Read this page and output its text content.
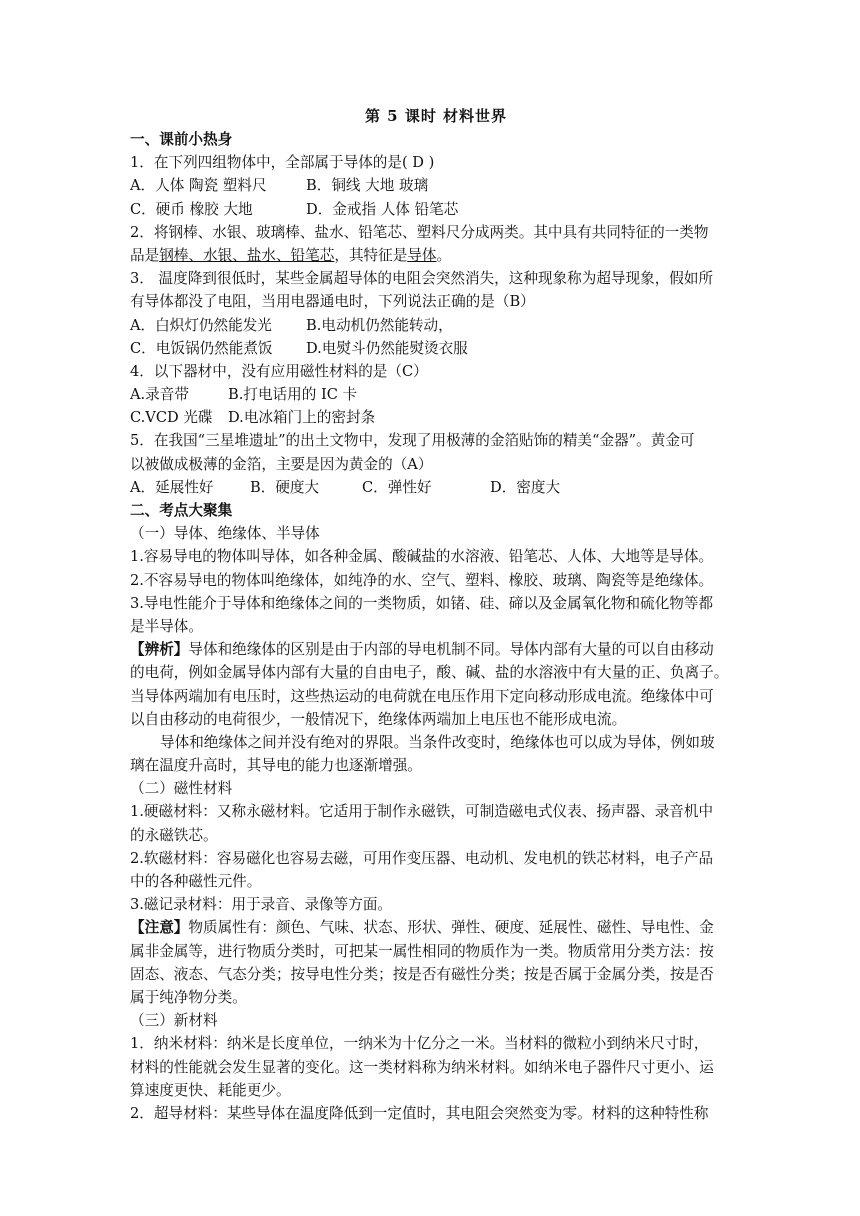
第 5 课时 材料世界
一、课前小热身
1．在下列四组物体中，全部属于导体的是( D )
A．人体 陶瓷 塑料尺	B．铜线 大地 玻璃
C．硬币 橡胶 大地	D．金戒指 人体 铅笔芯
2．将钢棒、水银、玻璃棒、盐水、铅笔芯、塑料尺分成两类。其中具有共同特征的一类物
品是钢棒、水银、盐水、铅笔芯，其特征是导体。
3． 温度降到很低时，某些金属超导体的电阻会突然消失，这种现象称为超导现象，假如所
有导体都没了电阻，当用电器通电时，下列说法正确的是（B）
A．白炽灯仍然能发光 B.电动机仍然能转动，
C．电饭锅仍然能煮饭 D.电熨斗仍然能熨烫衣服
4．以下器材中，没有应用磁性材料的是（C）
A.录音带	B.打电话用的 IC 卡
C.VCD 光碟 D.电冰箱门上的密封条
5．在我国“三星堆遗址”的出土文物中，发现了用极薄的金箔贴饰的精美“金器”。黄金可
以被做成极薄的金箔，主要是因为黄金的（A）
A．延展性好 B．硬度大	C．弹性好	D．密度大
二、考点大聚集
（一）导体、绝缘体、半导体
1.容易导电的物体叫导体，如各种金属、酸碱盐的水溶液、铅笔芯、人体、大地等是导体。
2.不容易导电的物体叫绝缘体，如纯净的水、空气、塑料、橡胶、玻璃、陶瓷等是绝缘体。
3.导电性能介于导体和绝缘体之间的一类物质，如锗、硅、碲以及金属氧化物和硫化物等都
是半导体。
【辨析】导体和绝缘体的区别是由于内部的导电机制不同。导体内部有大量的可以自由移动
的电荷，例如金属导体内部有大量的自由电子，酸、碱、盐的水溶液中有大量的正、负离子。
当导体两端加有电压时，这些热运动的电荷就在电压作用下定向移动形成电流。绝缘体中可
以自由移动的电荷很少，一般情况下，绝缘体两端加上电压也不能形成电流。
导体和绝缘体之间并没有绝对的界限。当条件改变时，绝缘体也可以成为导体，例如玻
璃在温度升高时，其导电的能力也逐渐增强。
（二）磁性材料
1.硬磁材料：又称永磁材料。它适用于制作永磁铁，可制造磁电式仪表、扬声器、录音机中
的永磁铁芯。
2.软磁材料：容易磁化也容易去磁，可用作变压器、电动机、发电机的铁芯材料，电子产品
中的各种磁性元件。
3.磁记录材料：用于录音、录像等方面。
【注意】物质属性有：颜色、气味、状态、形状、弹性、硬度、延展性、磁性、导电性、金
属非金属等，进行物质分类时，可把某一属性相同的物质作为一类。物质常用分类方法：按
固态、液态、气态分类；按导电性分类；按是否有磁性分类；按是否属于金属分类，按是否
属于纯净物分类。
（三）新材料
1．纳米材料：纳米是长度单位，一纳米为十亿分之一米。当材料的微粒小到纳米尺寸时，
材料的性能就会发生显著的变化。这一类材料称为纳米材料。如纳米电子器件尺寸更小、运
算速度更快、耗能更少。
2．超导材料：某些导体在温度降低到一定值时，其电阻会突然变为零。材料的这种特性称
